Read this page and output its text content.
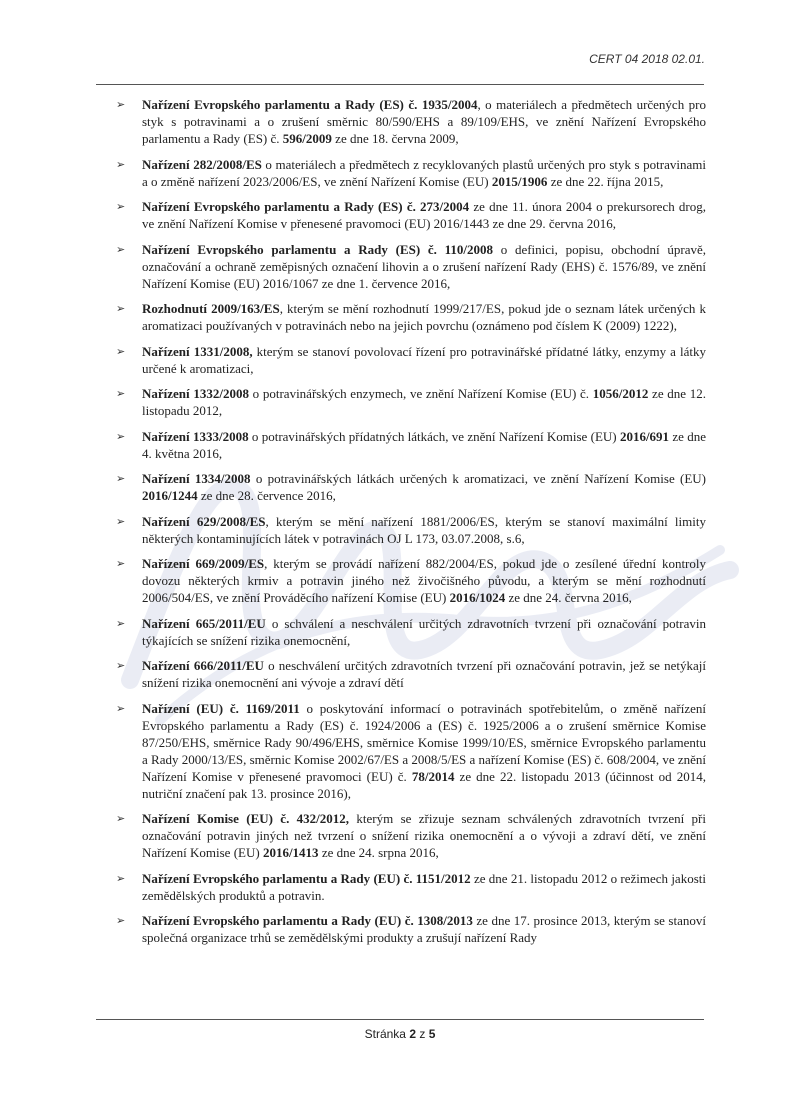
CERT 04 2018 02.01.
➢	Nařízení Evropského parlamentu a Rady (ES) č. 1935/2004, o materiálech a předmětech určených pro styk s potravinami a o zrušení směrnic 80/590/EHS a 89/109/EHS, ve znění Nařízení Evropského parlamentu a Rady (ES) č. 596/2009 ze dne 18. června 2009,
➢	Nařízení 282/2008/ES o materiálech a předmětech z recyklovaných plastů určených pro styk s potravinami a o změně nařízení 2023/2006/ES, ve znění Nařízení Komise (EU) 2015/1906 ze dne 22. října 2015,
➢	Nařízení Evropského parlamentu a Rady (ES) č. 273/2004 ze dne 11. února 2004 o prekursorech drog, ve znění Nařízení Komise v přenesené pravomoci (EU) 2016/1443 ze dne 29. června 2016,
➢	Nařízení Evropského parlamentu a Rady (ES) č. 110/2008 o definici, popisu, obchodní úpravě, označování a ochraně zeměpisných označení lihovin a o zrušení nařízení Rady (EHS) č. 1576/89, ve znění Nařízení Komise (EU) 2016/1067 ze dne 1. července 2016,
➢	Rozhodnutí 2009/163/ES, kterým se mění rozhodnutí 1999/217/ES, pokud jde o seznam látek určených k aromatizaci používaných v potravinách nebo na jejich povrchu (oznámeno pod číslem K (2009) 1222),
➢	Nařízení 1331/2008, kterým se stanoví povolovací řízení pro potravinářské přídatné látky, enzymy a látky určené k aromatizaci,
➢	Nařízení 1332/2008 o potravinářských enzymech, ve znění Nařízení Komise (EU) č. 1056/2012 ze dne 12. listopadu 2012,
➢	Nařízení 1333/2008 o potravinářských přídatných látkách, ve znění Nařízení Komise (EU) 2016/691 ze dne 4. května 2016,
➢	Nařízení 1334/2008 o potravinářských látkách určených k aromatizaci, ve znění Nařízení Komise (EU) 2016/1244 ze dne 28. července 2016,
➢	Nařízení 629/2008/ES, kterým se mění nařízení 1881/2006/ES, kterým se stanoví maximální limity některých kontaminujících látek v potravinách OJ L 173, 03.07.2008, s.6,
➢	Nařízení 669/2009/ES, kterým se provádí nařízení 882/2004/ES, pokud jde o zesílené úřední kontroly dovozu některých krmiv a potravin jiného než živočišného původu, a kterým se mění rozhodnutí 2006/504/ES, ve znění Prováděcího nařízení Komise (EU) 2016/1024 ze dne 24. června 2016,
➢	Nařízení 665/2011/EU o schválení a neschválení určitých zdravotních tvrzení při označování potravin týkajících se snížení rizika onemocnění,
➢	Nařízení 666/2011/EU o neschválení určitých zdravotních tvrzení při označování potravin, jež se netýkají snížení rizika onemocnění ani vývoje a zdraví dětí
➢	Nařízení (EU) č. 1169/2011 o poskytování informací o potravinách spotřebitelům, o změně nařízení Evropského parlamentu a Rady (ES) č. 1924/2006 a (ES) č. 1925/2006 a o zrušení směrnice Komise 87/250/EHS, směrnice Rady 90/496/EHS, směrnice Komise 1999/10/ES, směrnice Evropského parlamentu a Rady 2000/13/ES, směrnic Komise 2002/67/ES a 2008/5/ES a nařízení Komise (ES) č. 608/2004, ve znění Nařízení Komise v přenesené pravomoci (EU) č. 78/2014 ze dne 22. listopadu 2013 (účinnost od 2014, nutriční značení pak 13. prosince 2016),
➢	Nařízení Komise (EU) č. 432/2012, kterým se zřizuje seznam schválených zdravotních tvrzení při označování potravin jiných než tvrzení o snížení rizika onemocnění a o vývoji a zdraví dětí, ve znění Nařízení Komise (EU) 2016/1413 ze dne 24. srpna 2016,
➢	Nařízení Evropského parlamentu a Rady (EU) č. 1151/2012 ze dne 21. listopadu 2012 o režimech jakosti zemědělských produktů a potravin.
➢	Nařízení Evropského parlamentu a Rady (EU) č. 1308/2013 ze dne 17. prosince 2013, kterým se stanoví společná organizace trhů se zemědělskými produkty a zrušují nařízení Rady
Stránka 2 z 5
